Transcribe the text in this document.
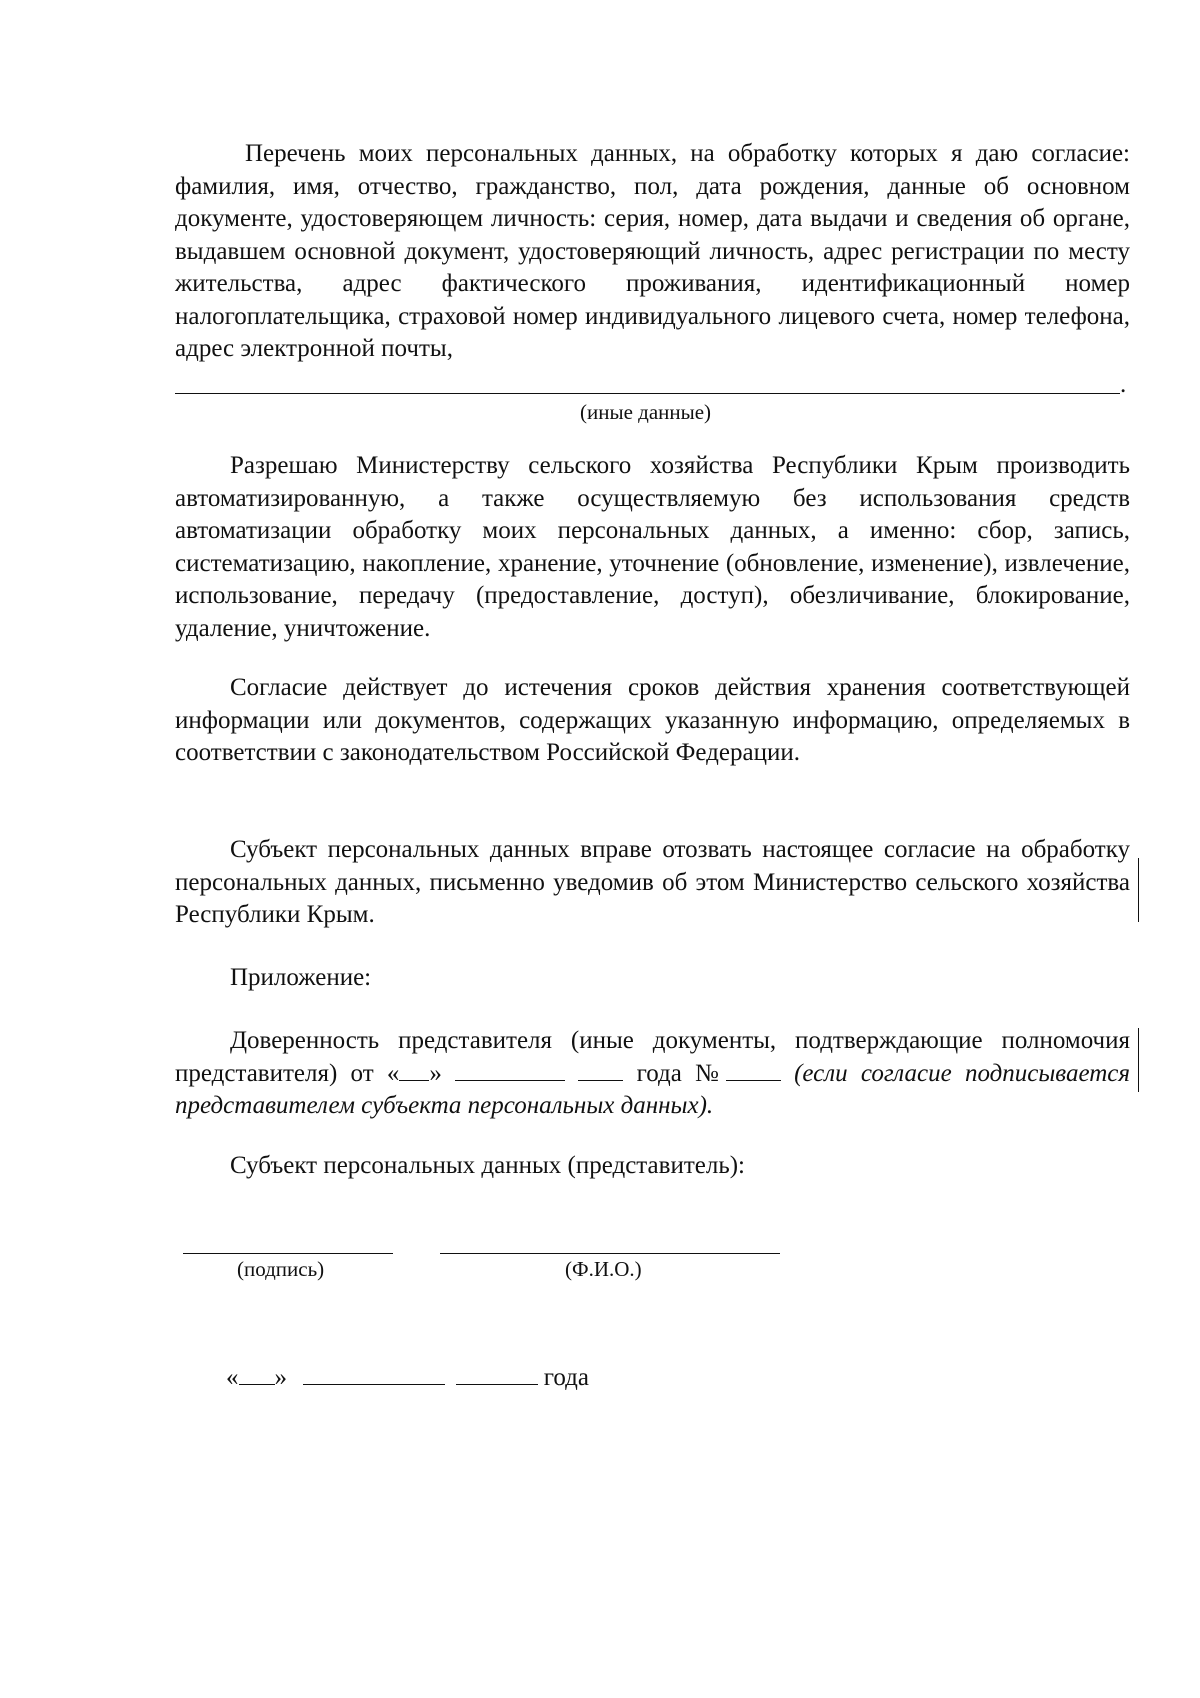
Перечень моих персональных данных, на обработку которых я даю согласие: фамилия, имя, отчество, гражданство, пол, дата рождения, данные об основном документе, удостоверяющем личность: серия, номер, дата выдачи и сведения об органе, выдавшем основной документ, удостоверяющий личность, адрес регистрации по месту жительства, адрес фактического проживания, идентификационный номер налогоплательщика, страховой номер индивидуального лицевого счета, номер телефона, адрес электронной почты,

.
(иные данные)

Разрешаю Министерству сельского хозяйства Республики Крым производить автоматизированную, а также осуществляемую без использования средств автоматизации обработку моих персональных данных, а именно: сбор, запись, систематизацию, накопление, хранение, уточнение (обновление, изменение), извлечение, использование, передачу (предоставление, доступ), обезличивание, блокирование, удаление, уничтожение.

Согласие действует до истечения сроков действия хранения соответствующей информации или документов, содержащих указанную информацию, определяемых в соответствии с законодательством Российской Федерации.

Субъект персональных данных вправе отозвать настоящее согласие на обработку персональных данных, письменно уведомив об этом Министерство сельского хозяйства Республики Крым.

Приложение:

Доверенность представителя (иные документы, подтверждающие полномочия представителя) от « »	года №	(если согласие подписывается представителем субъекта персональных данных).

Субъект персональных данных (представитель):

(подпись)	(Ф.И.О.)
« »	года
